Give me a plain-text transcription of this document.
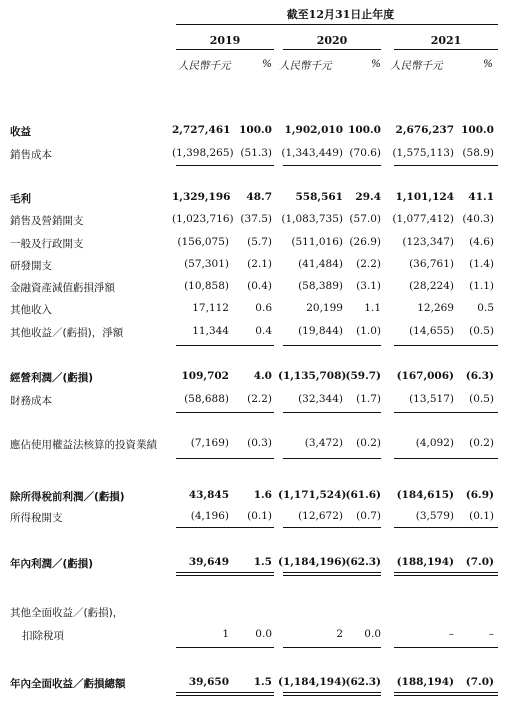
截至12月31日止年度
2019	2020	2021
人民幣千元	% 人民幣千元	% 人民幣千元	%
收益	2,727,461 100.0	1,902,010 100.0	2,676,237 100.0
銷售成本	(1,398,265) (51.3) (1,343,449) (70.6)	(1,575,113) (58.9)
毛利	1,329,196	48.7	558,561	29.4	1,101,124	41.1
銷售及營銷開支	(1,023,716) (37.5) (1,083,735) (57.0)	(1,077,412) (40.3)
一般及行政開支	(156,075)	(5.7)	(511,016) (26.9)	(123,347)	(4.6)
研發開支	(57,301)	(2.1)	(41,484)	(2.2)	(36,761)	(1.4)
金融資產減值虧損淨額	(10,858)	(0.4)	(58,389)	(3.1)	(28,224)	(1.1)
其他收入	17,112	0.6	20,199	1.1	12,269	0.5
其他收益／(虧損)，淨額	11,344	0.4	(19,844)	(1.0)	(14,655)	(0.5)
經營利潤／(虧損)	109,702	4.0 (1,135,708) (59.7)	(167,006)	(6.3)
財務成本	(58,688)	(2.2)	(32,344)	(1.7)	(13,517)	(0.5)
應佔使用權益法核算的投資業績	(7,169)	(0.3)	(3,472)	(0.2)	(4,092)	(0.2)
除所得稅前利潤／(虧損)	43,845	1.6 (1,171,524) (61.6)	(184,615)	(6.9)
所得稅開支	(4,196)	(0.1)	(12,672)	(0.7)	(3,579)	(0.1)
年內利潤／(虧損)	39,649	1.5 (1,184,196) (62.3)	(188,194)	(7.0)
其他全面收益／(虧損)，
扣除稅項	1	0.0	2	0.0	–	–
年內全面收益／虧損總額	39,650	1.5 (1,184,194) (62.3)	(188,194)	(7.0)
